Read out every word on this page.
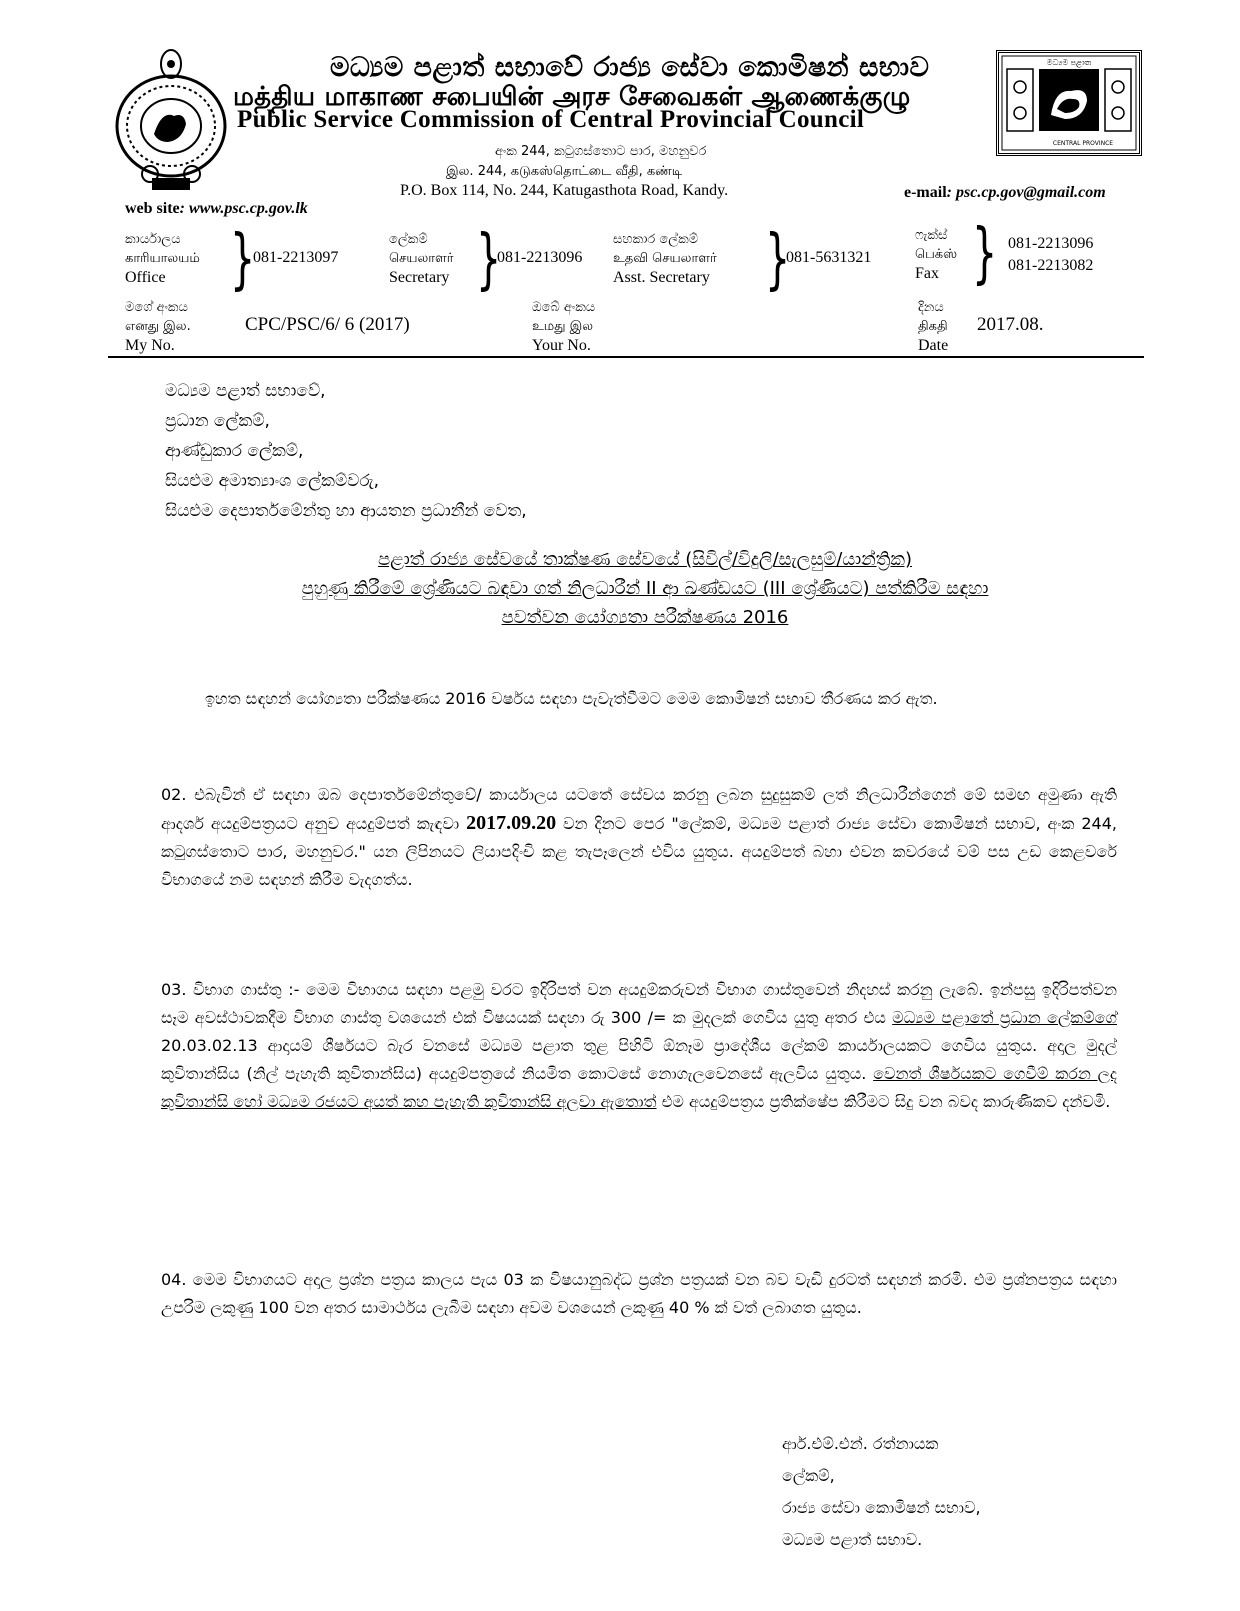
මධ්‍යම පළාත් සභාවේ රාජ්‍ය සේවා කොමිෂන් සභාව
மத்திய மாகாண சபையின் அரச சேவைகள் ஆணைக்குழு
Public Service Commission of Central Provincial Council
මධ්‍යම පළාත
CENTRAL PROVINCE
අංක 244, කටුගස්තොට පාර, මහනුවර
இல. 244, கடுகஸ்தொட்டை வீதி, கண்டி
P.O. Box 114, No. 244, Katugasthota Road, Kandy.
web site: www.psc.cp.gov.lk
e-mail: psc.cp.gov@gmail.com
කාර්යාලය
காரியாலயம்
Office }
081-2213097
ලේකම්
செயலாளர்
Secretary }
081-2213096
සහකාර ලේකම්
உதவி செயலாளர்
Asst. Secretary }
081-5631321
ෆැක්ස්
பெக்ஸ்
Fax } 081-2213096
081-2213082
මගේ අංකය
எனது இல.
My No.
CPC/PSC/6/ 6 (2017)
ඔබේ අංකය
உமது இல
Your No.
දිනය
திகதி
Date
2017.08.
මධ්‍යම පළාත් සභාවේ,
ප්‍රධාන ලේකම්,
ආණ්ඩුකාර ලේකම්,
සියළුම අමාත්‍යාංශ ලේකම්වරු,
සියළුම දෙපාර්තමේන්තු හා ආයතන ප්‍රධානීන් වෙත,
පළාත් රාජ්‍ය සේවයේ තාක්ෂණ සේවයේ (සිවිල්/විදුලි/සැලසුම්/යාන්ත්‍රික)
පුහුණු කිරීමේ ශ්‍රේණියට බඳවා ගත් නිලධාරීන් II ආ ඛණ්ඩයට (III ශ්‍රේණියට) පත්කිරීම සඳහා
පවත්වන යෝග්‍යතා පරීක්ෂණය 2016
ඉහත සඳහන් යෝග්‍යතා පරීක්ෂණය 2016 වර්ෂය සඳහා පැවැත්වීමට මෙම කොමිෂන් සභාව තීරණය කර ඇත.
02. එබැවින් ඒ සඳහා ඔබ දෙපාර්තමේන්තුවේ/ කාර්යාලය යටතේ සේවය කරනු ලබන සුදුසුකම් ලත් නිලධාරීන්ගෙන් මේ සමඟ අමුණා ඇති ආදර්ශ අයදුම්පත්‍රයට අනුව අයදුම්පත් කැඳවා 2017.09.20 වන දිනට පෙර "ලේකම්, මධ්‍යම පළාත් රාජ්‍ය සේවා කොමිෂන් සභාව, අංක 244, කටුගස්තොට පාර, මහනුවර." යන ලිපිනයට ලියාපදිංචි කළ තැපෑලෙන් එවිය යුතුය. අයදුම්පත් බහා එවන කවරයේ වම් පස උඩ කෙළවරේ විභාගයේ නම සඳහන් කිරීම වැදගත්ය.
03. විභාග ගාස්තු :- මෙම විභාගය සඳහා පළමු වරට ඉදිරිපත් වන අයදුම්කරුවන් විභාග ගාස්තුවෙන් නිදහස් කරනු ලැබේ. ඉන්පසු ඉදිරිපත්වන සෑම අවස්ථාවකදීම විභාග ගාස්තු වශයෙන් එක් විෂයයක් සඳහා රු 300 /= ක මුදලක් ගෙවිය යුතු අතර එය මධ්‍යම පළාතේ ප්‍රධාන ලේකම්ගේ 20.03.02.13 ආදායම් ශීර්ෂයට බැර වනසේ මධ්‍යම පළාත තුළ පිහිටි ඕනෑම ප්‍රාදේශීය ලේකම් කාර්යාලයකට ගෙවිය යුතුය. අදාල මුදල් කුවිතාන්සිය (නිල් පැහැති කුවිතාන්සිය) අයදුම්පත්‍රයේ නියමිත කොටසේ නොගැලවෙනසේ ඇලවිය යුතුය. වෙනත් ශීර්ෂයකට ගෙවීම් කරන ලද කුවිතාන්සි හෝ මධ්‍යම රජයට අයත් කහ පැහැති කුවිතාන්සි අලවා ඇතොත් එම අයදුම්පත්‍රය ප්‍රතික්ෂේප කිරීමට සිදු වන බවද කාරුණිකව දන්වමි.
04. මෙම විභාගයට අදාල ප්‍රශ්න පත්‍රය කාලය පැය 03 ක විෂයානුබද්ධ ප්‍රශ්න පත්‍රයක් වන බව වැඩි දුරටත් සඳහන් කරමි. එම ප්‍රශ්නපත්‍රය සඳහා උපරිම ලකුණු 100 වන අතර සාමාර්ථය ලැබීම සඳහා අවම වශයෙන් ලකුණු 40 % ක් වත් ලබාගත යුතුය.
ආර්.එම්.එන්. රත්නායක
ලේකම්,
රාජ්‍ය සේවා කොමිෂන් සභාව,
මධ්‍යම පළාත් සභාව.
